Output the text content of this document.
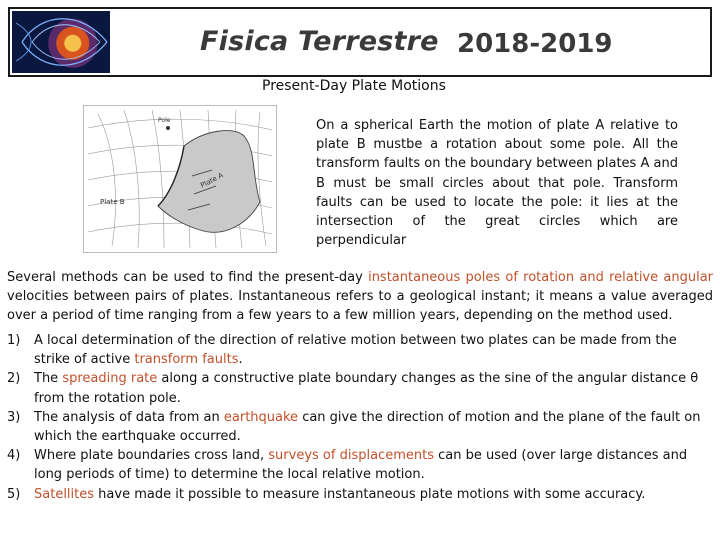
Fisica Terrestre 2018-2019
Present-Day Plate Motions
Pole
Plate A
Plate B
On a spherical Earth the motion of plate A relative to plate B mustbe a rotation about some pole. All the transform faults on the boundary between plates A and B must be small circles about that pole. Transform faults can be used to locate the pole: it lies at the intersection of the great circles which are perpendicular
Several methods can be used to find the present-day instantaneous poles of rotation and relative angular velocities between pairs of plates. Instantaneous refers to a geological instant; it means a value averaged over a period of time ranging from a few years to a few million years, depending on the method used.
1) A local determination of the direction of relative motion between two plates can be made from the strike of active transform faults.
2) The spreading rate along a constructive plate boundary changes as the sine of the angular distance θ from the rotation pole.
3) The analysis of data from an earthquake can give the direction of motion and the plane of the fault on which the earthquake occurred.
4) Where plate boundaries cross land, surveys of displacements can be used (over large distances and long periods of time) to determine the local relative motion.
5) Satellites have made it possible to measure instantaneous plate motions with some accuracy.
